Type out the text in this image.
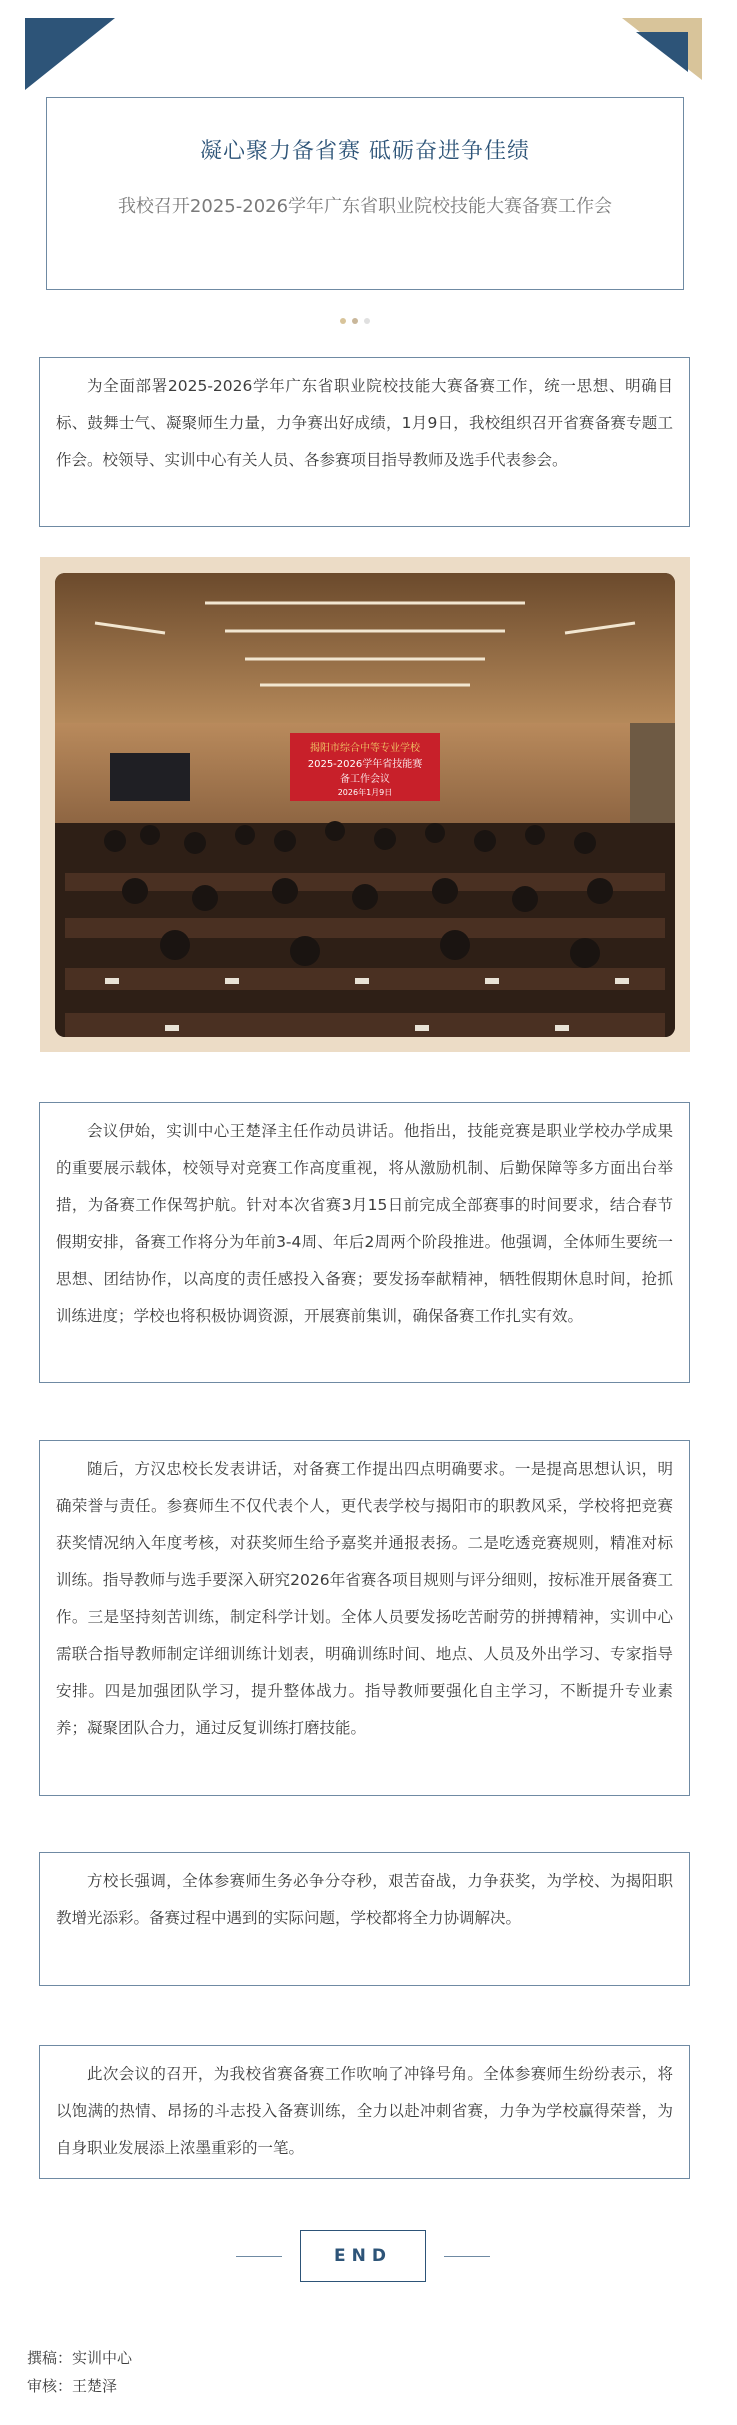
凝心聚力备省赛 砥砺奋进争佳绩
我校召开2025-2026学年广东省职业院校技能大赛备赛工作会

为全面部署2025-2026学年广东省职业院校技能大赛备赛工作，统一思想、明确目标、鼓舞士气、凝聚师生力量，力争赛出好成绩，1月9日，我校组织召开省赛备赛专题工作会。校领导、实训中心有关人员、各参赛项目指导教师及选手代表参会。

揭阳市综合中等专业学校
2025-2026学年省技能赛
备工作会议
2026年1月9日

会议伊始，实训中心王楚泽主任作动员讲话。他指出，技能竞赛是职业学校办学成果的重要展示载体，校领导对竞赛工作高度重视，将从激励机制、后勤保障等多方面出台举措，为备赛工作保驾护航。针对本次省赛3月15日前完成全部赛事的时间要求，结合春节假期安排，备赛工作将分为年前3-4周、年后2周两个阶段推进。他强调，全体师生要统一思想、团结协作，以高度的责任感投入备赛；要发扬奉献精神，牺牲假期休息时间，抢抓训练进度；学校也将积极协调资源，开展赛前集训，确保备赛工作扎实有效。

随后，方汉忠校长发表讲话，对备赛工作提出四点明确要求。一是提高思想认识，明确荣誉与责任。参赛师生不仅代表个人，更代表学校与揭阳市的职教风采，学校将把竞赛获奖情况纳入年度考核，对获奖师生给予嘉奖并通报表扬。二是吃透竞赛规则，精准对标训练。指导教师与选手要深入研究2026年省赛各项目规则与评分细则，按标准开展备赛工作。三是坚持刻苦训练，制定科学计划。全体人员要发扬吃苦耐劳的拼搏精神，实训中心需联合指导教师制定详细训练计划表，明确训练时间、地点、人员及外出学习、专家指导安排。四是加强团队学习，提升整体战力。指导教师要强化自主学习，不断提升专业素养；凝聚团队合力，通过反复训练打磨技能。

方校长强调，全体参赛师生务必争分夺秒，艰苦奋战，力争获奖，为学校、为揭阳职教增光添彩。备赛过程中遇到的实际问题，学校都将全力协调解决。

此次会议的召开，为我校省赛备赛工作吹响了冲锋号角。全体参赛师生纷纷表示，将以饱满的热情、昂扬的斗志投入备赛训练，全力以赴冲刺省赛，力争为学校赢得荣誉，为自身职业发展添上浓墨重彩的一笔。

END
撰稿：实训中心
审核：王楚泽
